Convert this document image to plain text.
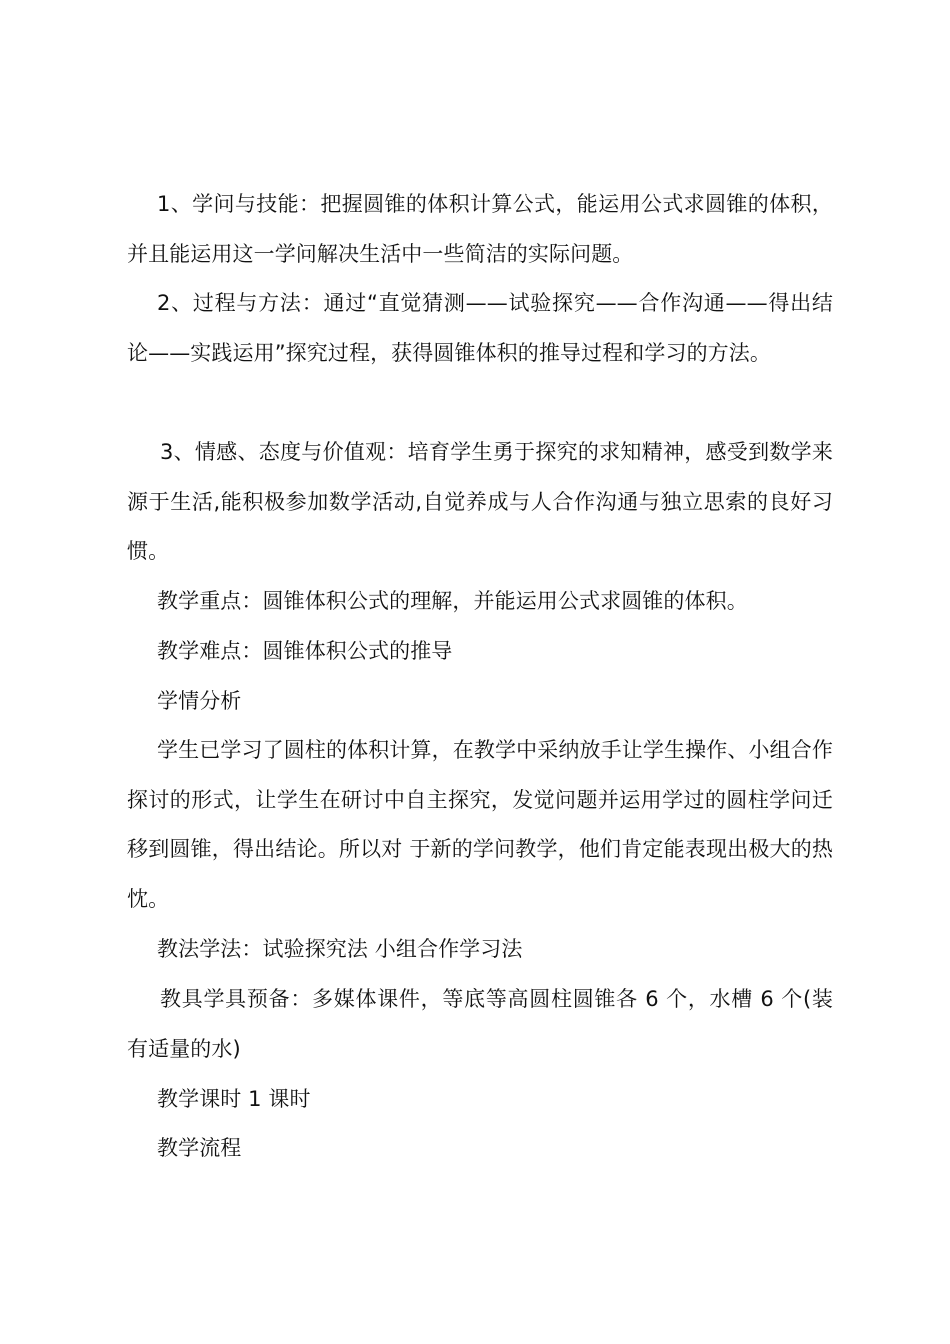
1、学问与技能：把握圆锥的体积计算公式，能运用公式求圆锥的体积，并且能运用这一学问解决生活中一些简洁的实际问题。

2、过程与方法：通过“直觉猜测——试验探究——合作沟通——得出结论——实践运用”探究过程，获得圆锥体积的推导过程和学习的方法。

3、情感、态度与价值观：培育学生勇于探究的求知精神，感受到数学来源于生活,能积极参加数学活动,自觉养成与人合作沟通与独立思索的良好习惯。

教学重点：圆锥体积公式的理解，并能运用公式求圆锥的体积。

教学难点：圆锥体积公式的推导

学情分析

学生已学习了圆柱的体积计算，在教学中采纳放手让学生操作、小组合作探讨的形式，让学生在研讨中自主探究，发觉问题并运用学过的圆柱学问迁移到圆锥，得出结论。所以对 于新的学问教学，他们肯定能表现出极大的热忱。

教法学法：试验探究法 小组合作学习法

教具学具预备：多媒体课件，等底等高圆柱圆锥各 6 个，水槽 6 个(装有适量的水)

教学课时 1 课时

教学流程
